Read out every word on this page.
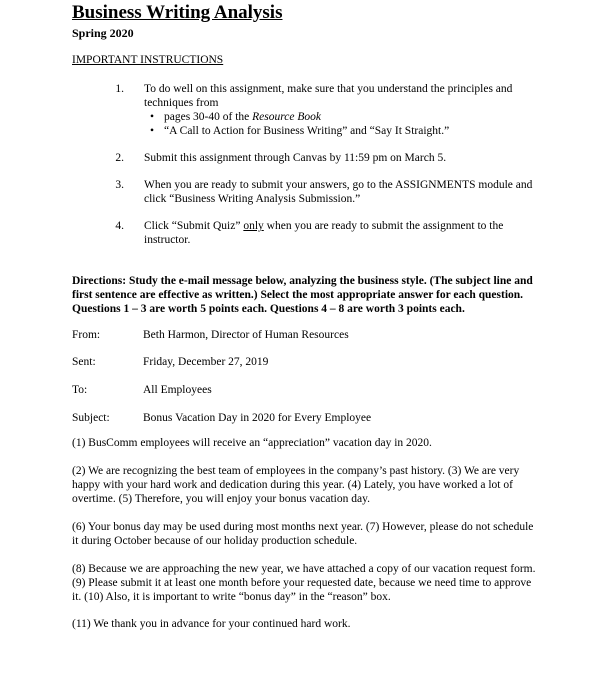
Business Writing Analysis
Spring 2020
IMPORTANT INSTRUCTIONS
1. To do well on this assignment, make sure that you understand the principles and techniques from
• pages 30-40 of the Resource Book
• “A Call to Action for Business Writing” and “Say It Straight.”
2. Submit this assignment through Canvas by 11:59 pm on March 5.
3. When you are ready to submit your answers, go to the ASSIGNMENTS module and click “Business Writing Analysis Submission.”
4. Click “Submit Quiz” only when you are ready to submit the assignment to the instructor.
Directions: Study the e-mail message below, analyzing the business style. (The subject line and first sentence are effective as written.) Select the most appropriate answer for each question. Questions 1 – 3 are worth 5 points each. Questions 4 – 8 are worth 3 points each.
From:	Beth Harmon, Director of Human Resources
Sent:	Friday, December 27, 2019
To:	All Employees
Subject:	Bonus Vacation Day in 2020 for Every Employee
(1) BusComm employees will receive an “appreciation” vacation day in 2020.
(2) We are recognizing the best team of employees in the company’s past history. (3) We are very happy with your hard work and dedication during this year. (4) Lately, you have worked a lot of overtime. (5) Therefore, you will enjoy your bonus vacation day.
(6) Your bonus day may be used during most months next year. (7) However, please do not schedule it during October because of our holiday production schedule.
(8) Because we are approaching the new year, we have attached a copy of our vacation request form. (9) Please submit it at least one month before your requested date, because we need time to approve it. (10) Also, it is important to write “bonus day” in the “reason” box.
(11) We thank you in advance for your continued hard work.
